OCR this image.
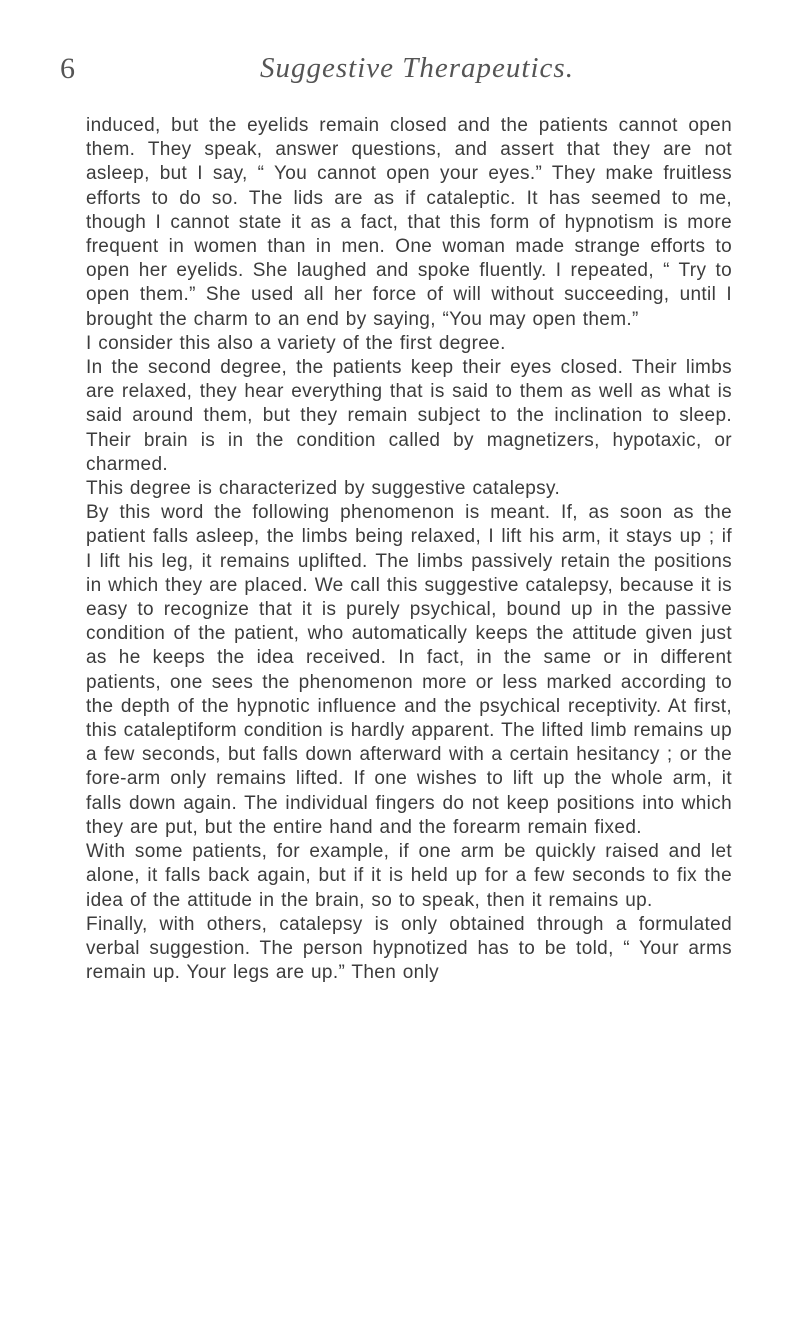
6	Suggestive Therapeutics.

induced, but the eyelids remain closed and the patients cannot open them. They speak, answer questions, and assert that they are not asleep, but I say, “ You cannot open your eyes.” They make fruitless efforts to do so. The lids are as if cataleptic. It has seemed to me, though I cannot state it as a fact, that this form of hypnotism is more frequent in women than in men. One woman made strange efforts to open her eyelids. She laughed and spoke fluently. I repeated, “ Try to open them.” She used all her force of will without succeeding, until I brought the charm to an end by saying, “You may open them.”

I consider this also a variety of the first degree.

In the second degree, the patients keep their eyes closed. Their limbs are relaxed, they hear everything that is said to them as well as what is said around them, but they remain subject to the inclination to sleep. Their brain is in the condition called by magnetizers, hypotaxic, or charmed.

This degree is characterized by suggestive catalepsy.

By this word the following phenomenon is meant. If, as soon as the patient falls asleep, the limbs being relaxed, I lift his arm, it stays up ; if I lift his leg, it remains uplifted. The limbs passively retain the positions in which they are placed. We call this suggestive catalepsy, because it is easy to recognize that it is purely psychical, bound up in the passive condition of the patient, who automatically keeps the attitude given just as he keeps the idea received. In fact, in the same or in different patients, one sees the phenomenon more or less marked according to the depth of the hypnotic influence and the psychical receptivity. At first, this cataleptiform condition is hardly apparent. The lifted limb remains up a few seconds, but falls down afterward with a certain hesitancy ; or the fore-arm only remains lifted. If one wishes to lift up the whole arm, it falls down again. The individual fingers do not keep positions into which they are put, but the entire hand and the forearm remain fixed.

With some patients, for example, if one arm be quickly raised and let alone, it falls back again, but if it is held up for a few seconds to fix the idea of the attitude in the brain, so to speak, then it remains up.

Finally, with others, catalepsy is only obtained through a formulated verbal suggestion. The person hypnotized has to be told, “ Your arms remain up. Your legs are up.” Then only
